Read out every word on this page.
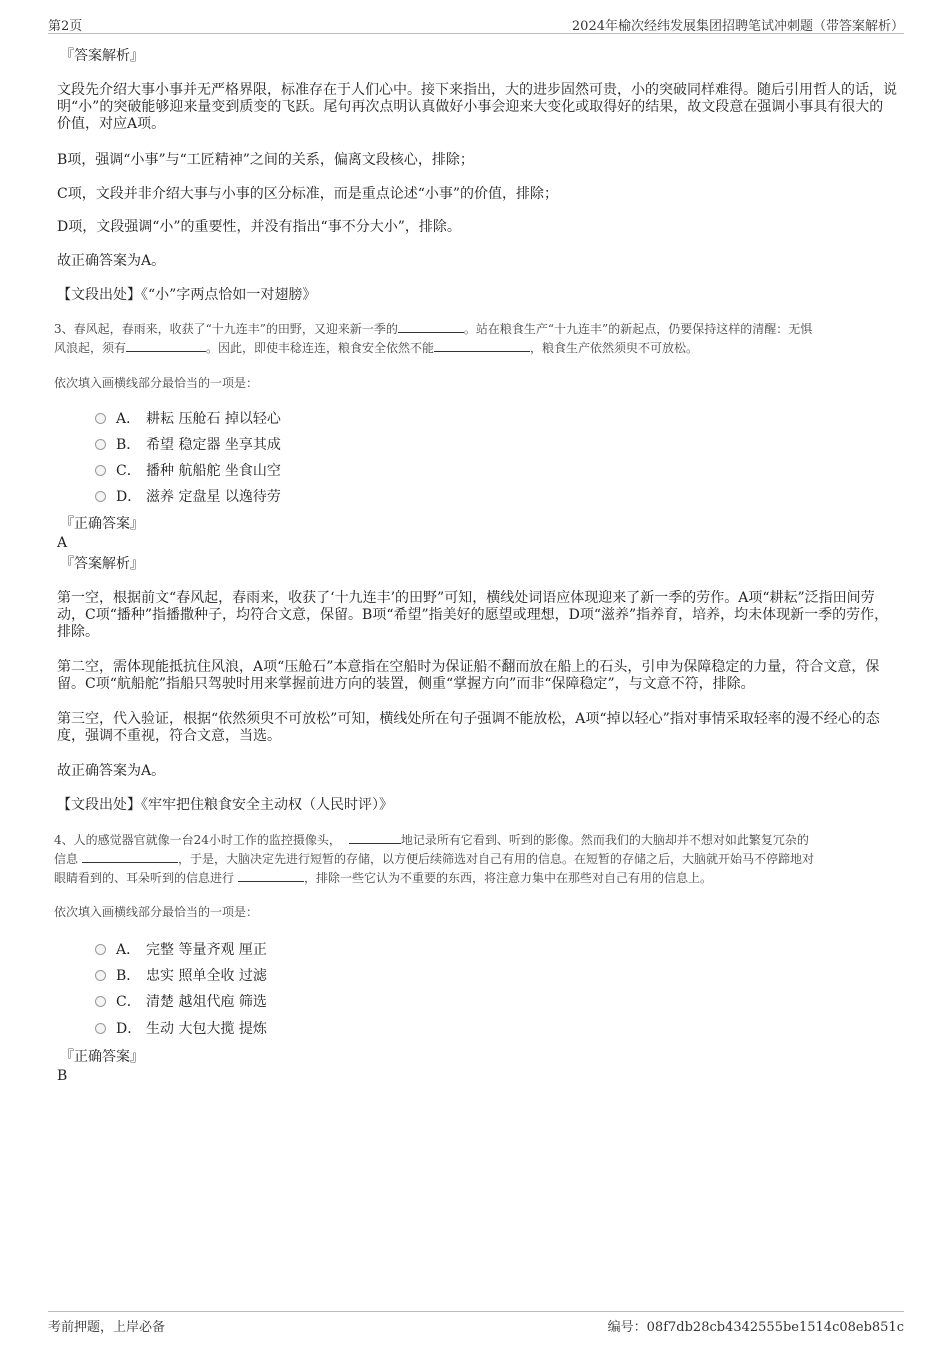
第2页	2024年榆次经纬发展集团招聘笔试冲刺题（带答案解析）
『答案解析』
文段先介绍大事小事并无严格界限，标准存在于人们心中。接下来指出，大的进步固然可贵，小的突破同样难得。随后引用哲人的话，说明“小”的突破能够迎来量变到质变的飞跃。尾句再次点明认真做好小事会迎来大变化或取得好的结果，故文段意在强调小事具有很大的价值，对应A项。
B项，强调“小事”与“工匠精神”之间的关系，偏离文段核心，排除；
C项，文段并非介绍大事与小事的区分标准，而是重点论述“小事”的价值，排除；
D项，文段强调“小”的重要性，并没有指出“事不分大小”，排除。
故正确答案为A。
【文段出处】《“小”字两点恰如一对翅膀》
3、春风起，春雨来，收获了“十九连丰”的田野，又迎来新一季的	。站在粮食生产“十九连丰”的新起点，仍要保持这样的清醒：无惧
风浪起，须有	。因此，即使丰稔连连，粮食安全依然不能	，粮食生产依然须臾不可放松。
依次填入画横线部分最恰当的一项是：
A． 耕耘 压舱石 掉以轻心
B． 希望 稳定器 坐享其成
C． 播种 航船舵 坐食山空
D． 滋养 定盘星 以逸待劳
『正确答案』
A
『答案解析』
第一空，根据前文“春风起，春雨来，收获了‘十九连丰’的田野”可知，横线处词语应体现迎来了新一季的劳作。A项“耕耘”泛指田间劳动，C项“播种”指播撒种子，均符合文意，保留。B项“希望”指美好的愿望或理想，D项“滋养”指养育，培养，均未体现新一季的劳作，排除。
第二空，需体现能抵抗住风浪，A项“压舱石”本意指在空船时为保证船不翻而放在船上的石头，引申为保障稳定的力量，符合文意，保留。C项“航船舵”指船只驾驶时用来掌握前进方向的装置，侧重“掌握方向”而非“保障稳定”，与文意不符，排除。
第三空，代入验证，根据“依然须臾不可放松”可知，横线处所在句子强调不能放松，A项“掉以轻心”指对事情采取轻率的漫不经心的态度，强调不重视，符合文意，当选。
故正确答案为A。
【文段出处】《牢牢把住粮食安全主动权（人民时评）》
4、人的感觉器官就像一台24小时工作的监控摄像头，	地记录所有它看到、听到的影像。然而我们的大脑却并不想对如此繁复冗杂的
信息	，于是，大脑决定先进行短暂的存储，以方便后续筛选对自己有用的信息。在短暂的存储之后，大脑就开始马不停蹄地对
眼睛看到的、耳朵听到的信息进行	，排除一些它认为不重要的东西，将注意力集中在那些对自己有用的信息上。
依次填入画横线部分最恰当的一项是：
A． 完整 等量齐观 厘正
B． 忠实 照单全收 过滤
C． 清楚 越俎代庖 筛选
D． 生动 大包大揽 提炼
『正确答案』
B
考前押题，上岸必备	编号：08f7db28cb4342555be1514c08eb851c
